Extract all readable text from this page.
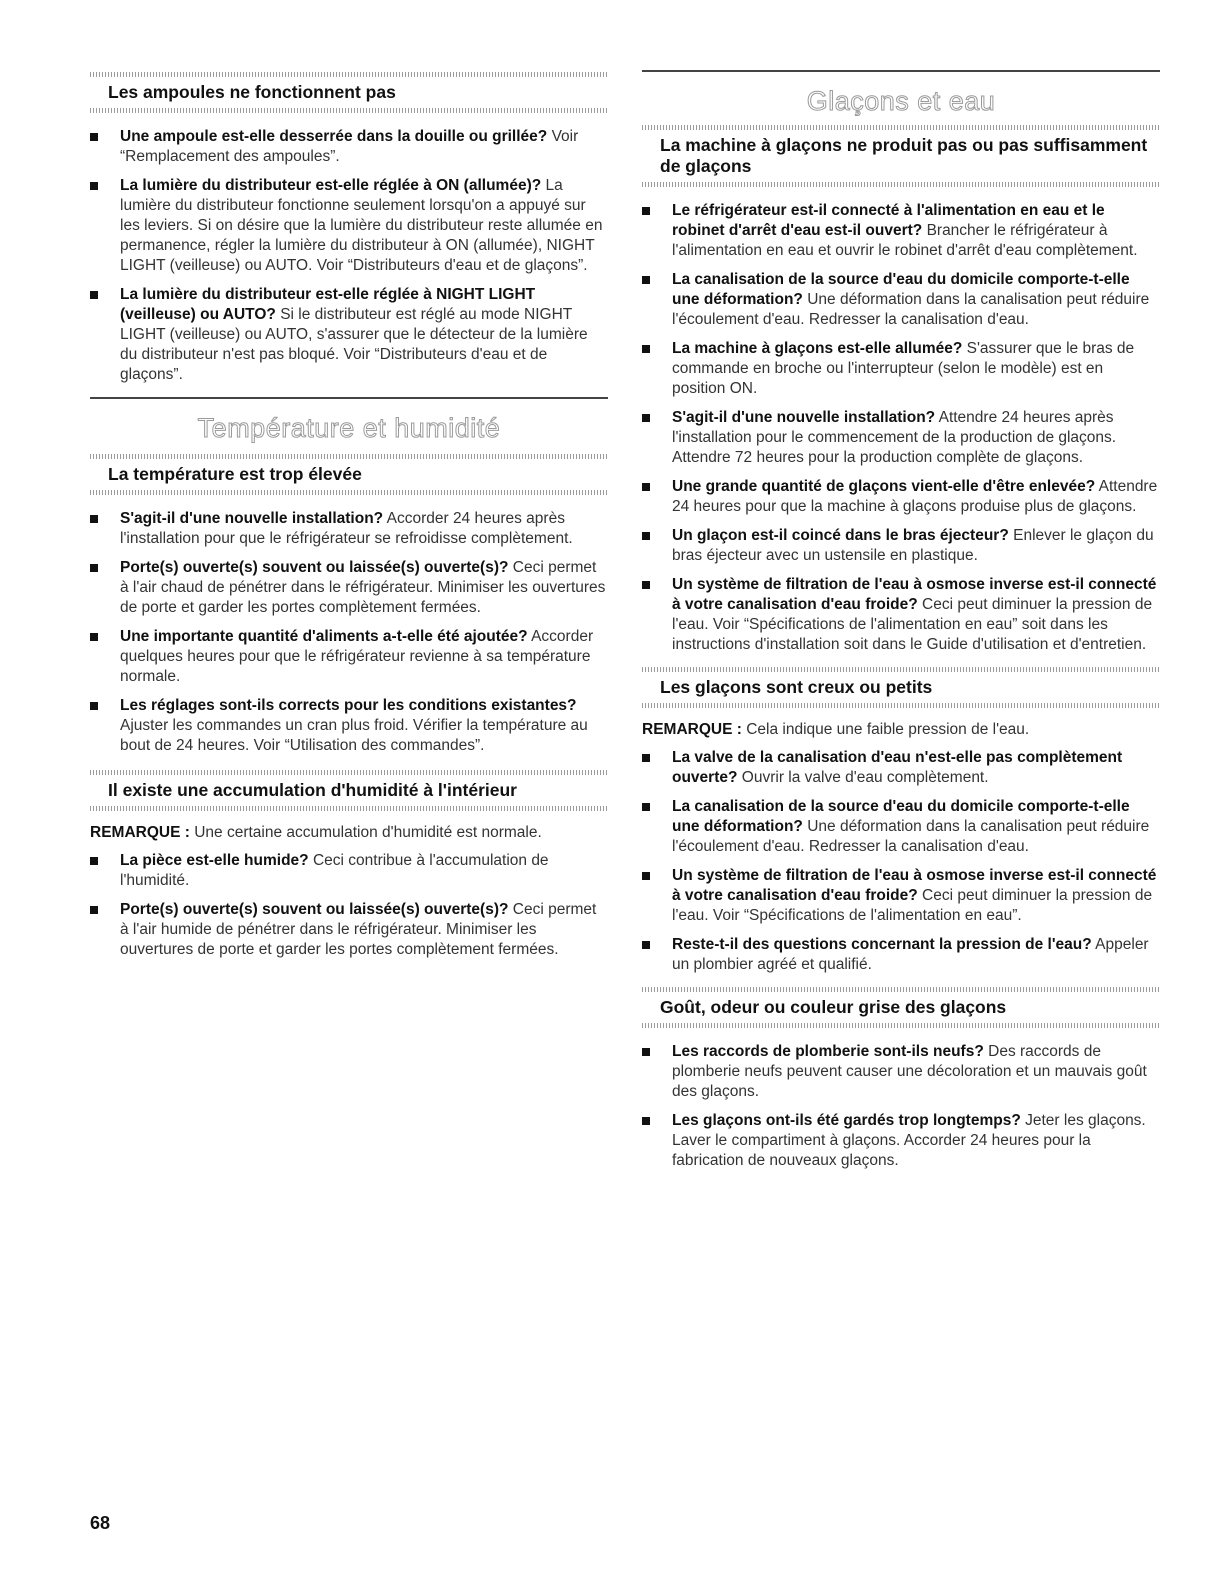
Les ampoules ne fonctionnent pas
Une ampoule est-elle desserrée dans la douille ou grillée? Voir “Remplacement des ampoules”.
La lumière du distributeur est-elle réglée à ON (allumée)? La lumière du distributeur fonctionne seulement lorsqu'on a appuyé sur les leviers. Si on désire que la lumière du distributeur reste allumée en permanence, régler la lumière du distributeur à ON (allumée), NIGHT LIGHT (veilleuse) ou AUTO. Voir “Distributeurs d'eau et de glaçons”.
La lumière du distributeur est-elle réglée à NIGHT LIGHT (veilleuse) ou AUTO? Si le distributeur est réglé au mode NIGHT LIGHT (veilleuse) ou AUTO, s'assurer que le détecteur de la lumière du distributeur n'est pas bloqué. Voir “Distributeurs d'eau et de glaçons”.
Température et humidité
La température est trop élevée
S'agit-il d'une nouvelle installation? Accorder 24 heures après l'installation pour que le réfrigérateur se refroidisse complètement.
Porte(s) ouverte(s) souvent ou laissée(s) ouverte(s)? Ceci permet à l'air chaud de pénétrer dans le réfrigérateur. Minimiser les ouvertures de porte et garder les portes complètement fermées.
Une importante quantité d'aliments a-t-elle été ajoutée? Accorder quelques heures pour que le réfrigérateur revienne à sa température normale.
Les réglages sont-ils corrects pour les conditions existantes? Ajuster les commandes un cran plus froid. Vérifier la température au bout de 24 heures. Voir “Utilisation des commandes”.
Il existe une accumulation d'humidité à l'intérieur
REMARQUE : Une certaine accumulation d'humidité est normale.
La pièce est-elle humide? Ceci contribue à l'accumulation de l'humidité.
Porte(s) ouverte(s) souvent ou laissée(s) ouverte(s)? Ceci permet à l'air humide de pénétrer dans le réfrigérateur. Minimiser les ouvertures de porte et garder les portes complètement fermées.
Glaçons et eau
La machine à glaçons ne produit pas ou pas suffisamment de glaçons
Le réfrigérateur est-il connecté à l'alimentation en eau et le robinet d'arrêt d'eau est-il ouvert? Brancher le réfrigérateur à l'alimentation en eau et ouvrir le robinet d'arrêt d'eau complètement.
La canalisation de la source d'eau du domicile comporte-t-elle une déformation? Une déformation dans la canalisation peut réduire l'écoulement d'eau. Redresser la canalisation d'eau.
La machine à glaçons est-elle allumée? S'assurer que le bras de commande en broche ou l'interrupteur (selon le modèle) est en position ON.
S'agit-il d'une nouvelle installation? Attendre 24 heures après l'installation pour le commencement de la production de glaçons. Attendre 72 heures pour la production complète de glaçons.
Une grande quantité de glaçons vient-elle d'être enlevée? Attendre 24 heures pour que la machine à glaçons produise plus de glaçons.
Un glaçon est-il coincé dans le bras éjecteur? Enlever le glaçon du bras éjecteur avec un ustensile en plastique.
Un système de filtration de l'eau à osmose inverse est-il connecté à votre canalisation d'eau froide? Ceci peut diminuer la pression de l'eau. Voir “Spécifications de l'alimentation en eau” soit dans les instructions d'installation soit dans le Guide d'utilisation et d'entretien.
Les glaçons sont creux ou petits
REMARQUE : Cela indique une faible pression de l'eau.
La valve de la canalisation d'eau n'est-elle pas complètement ouverte? Ouvrir la valve d'eau complètement.
La canalisation de la source d'eau du domicile comporte-t-elle une déformation? Une déformation dans la canalisation peut réduire l'écoulement d'eau. Redresser la canalisation d'eau.
Un système de filtration de l'eau à osmose inverse est-il connecté à votre canalisation d'eau froide? Ceci peut diminuer la pression de l'eau. Voir “Spécifications de l'alimentation en eau”.
Reste-t-il des questions concernant la pression de l'eau? Appeler un plombier agréé et qualifié.
Goût, odeur ou couleur grise des glaçons
Les raccords de plomberie sont-ils neufs? Des raccords de plomberie neufs peuvent causer une décoloration et un mauvais goût des glaçons.
Les glaçons ont-ils été gardés trop longtemps? Jeter les glaçons. Laver le compartiment à glaçons. Accorder 24 heures pour la fabrication de nouveaux glaçons.
68
